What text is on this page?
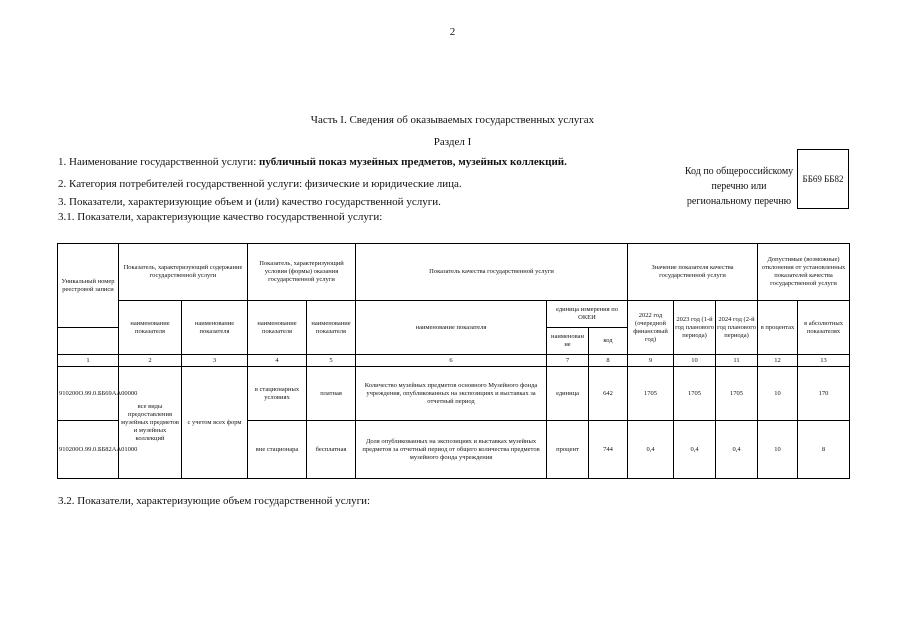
2
Часть I. Сведения об оказываемых государственных услугах
Раздел I
1. Наименование государственной услуги: публичный показ музейных предметов, музейных коллекций.
2. Категория потребителей государственной услуги: физические и юридические лица.
3. Показатели, характеризующие объем и (или) качество государственной услуги.
3.1. Показатели, характеризующие качество государственной услуги:
Код по общероссийскому
перечню или
региональному перечню
ББ69 ББ82
Уникальный номер реестровой записи	Показатель, характеризующий содержание государственной услуги		Показатель, характеризующий условия (формы) оказания государственной услуги		Показатель качества государственной услуги			Значение показателя качества государственной услуги			Допустимые (возможные) отклонения от установленных показателей качества государственной услуги	
	наименование показателя	наименование показателя	наименование показателя	наименование показателя	наименование показателя	единица измерения по ОКЕИ		2022 год (очередной финансовый год)	2023 год (1-й год планового периода)	2024 год (2-й год планового периода)	в процентах	в абсолютных показателях
						наименован ие	код					
1	2	3	4	5	6	7	8	9	10	11	12	13
910200О.99.0.ББ69АА00000	все виды предоставления музейных предметов и музейных коллекций	с учетом всех форм	в стационарных условиях	платная	Количество музейных предметов основного Музейного фонда учреждения, опубликованных на экспозициях и выставках за отчетный период	единица	642	1705	1705	1705	10	170
910200О.99.0.ББ82АА01000			вне стационара	бесплатная	Доля опубликованных на экспозициях и выставках музейных предметов за отчетный период от общего количества предметов музейного фонда учреждения	процент	744	0,4	0,4	0,4	10	8
3.2. Показатели, характеризующие объем государственной услуги:
